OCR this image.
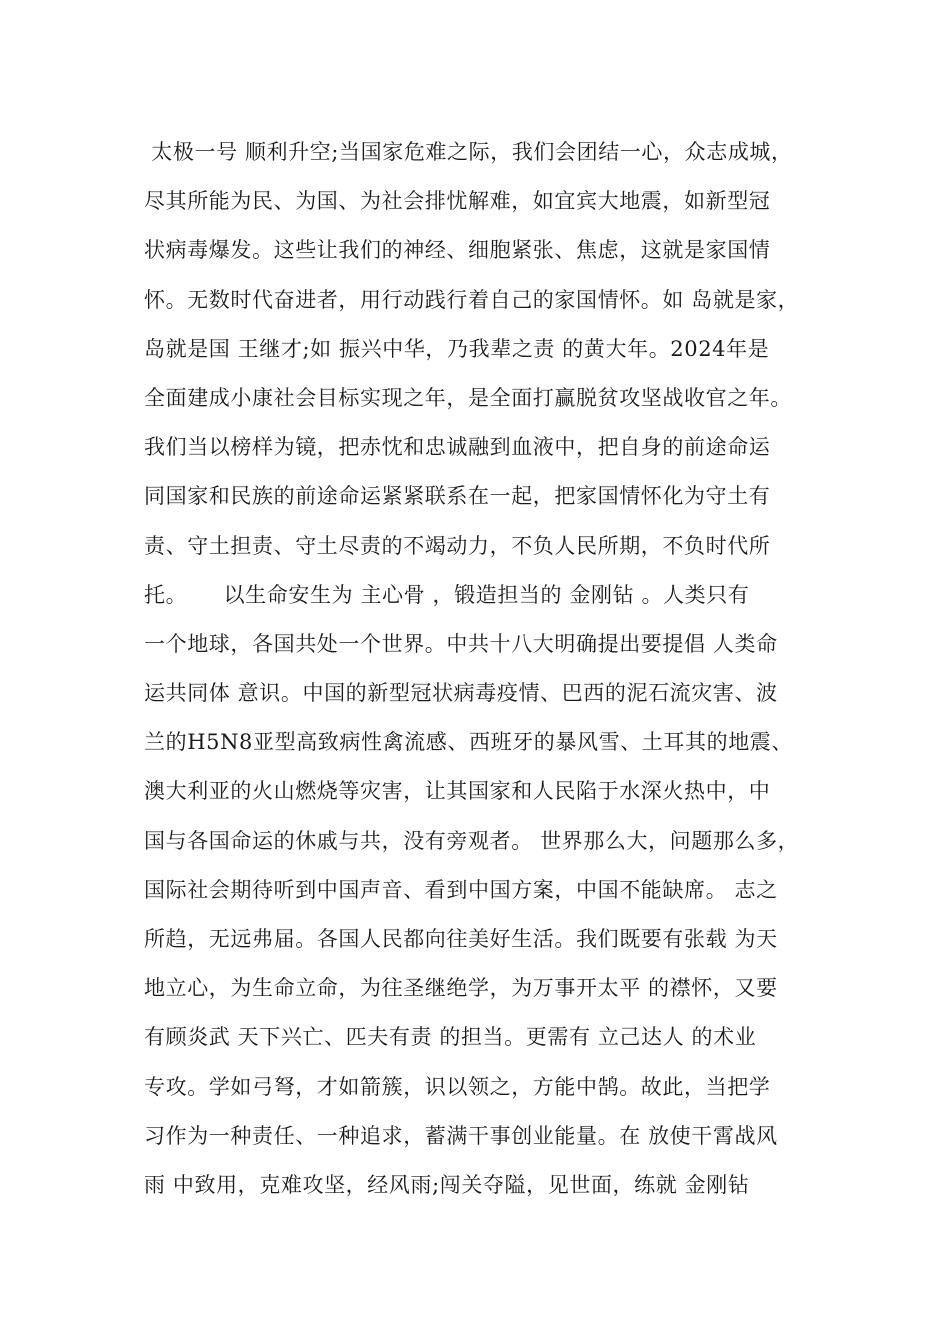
太极一号 顺利升空;当国家危难之际，我们会团结一心，众志成城，
尽其所能为民、为国、为社会排忧解难，如宜宾大地震，如新型冠
状病毒爆发。这些让我们的神经、细胞紧张、焦虑，这就是家国情
怀。无数时代奋进者，用行动践行着自己的家国情怀。如 岛就是家，
岛就是国 王继才;如 振兴中华，乃我辈之责 的黄大年。2024年是
全面建成小康社会目标实现之年，是全面打赢脱贫攻坚战收官之年。
我们当以榜样为镜，把赤忱和忠诚融到血液中，把自身的前途命运
同国家和民族的前途命运紧紧联系在一起，把家国情怀化为守土有
责、守土担责、守土尽责的不竭动力，不负人民所期，不负时代所
托。     以生命安生为 主心骨 ，锻造担当的 金刚钻 。人类只有
一个地球，各国共处一个世界。中共十八大明确提出要提倡 人类命
运共同体 意识。中国的新型冠状病毒疫情、巴西的泥石流灾害、波
兰的H5N8亚型高致病性禽流感、西班牙的暴风雪、土耳其的地震、
澳大利亚的火山燃烧等灾害，让其国家和人民陷于水深火热中，中
国与各国命运的休戚与共，没有旁观者。 世界那么大，问题那么多，
国际社会期待听到中国声音、看到中国方案，中国不能缺席。 志之
所趋，无远弗届。各国人民都向往美好生活。我们既要有张载 为天
地立心，为生命立命，为往圣继绝学，为万事开太平 的襟怀，又要
有顾炎武 天下兴亡、匹夫有责 的担当。更需有 立己达人 的术业
专攻。学如弓弩，才如箭簇，识以领之，方能中鹄。故此，当把学
习作为一种责任、一种追求，蓄满干事创业能量。在 放使干霄战风
雨 中致用，克难攻坚，经风雨;闯关夺隘，见世面，练就 金刚钻
